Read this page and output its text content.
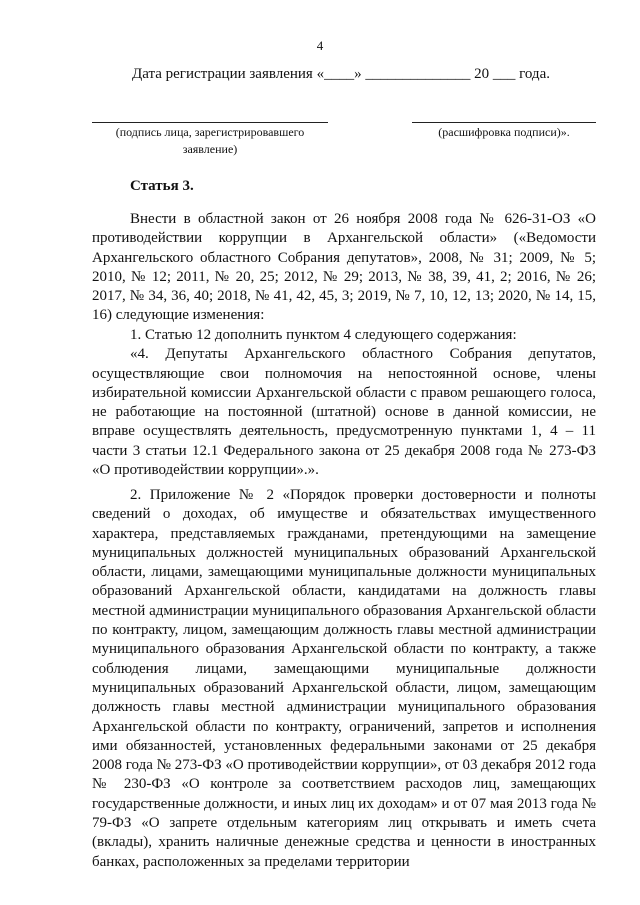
4
Дата регистрации заявления «____» ______________ 20 ___ года.
(подпись лица, зарегистрировавшего заявление)
(расшифровка подписи)».
Статья 3.

Внести в областной закон от 26 ноября 2008 года № 626-31-ОЗ «О противодействии коррупции в Архангельской области» («Ведомости Архангельского областного Собрания депутатов», 2008, № 31; 2009, № 5; 2010, № 12; 2011, № 20, 25; 2012, № 29; 2013, № 38, 39, 41, 2; 2016, № 26; 2017, № 34, 36, 40; 2018, № 41, 42, 45, 3; 2019, № 7, 10, 12, 13; 2020, № 14, 15, 16) следующие изменения:

1. Статью 12 дополнить пунктом 4 следующего содержания:

«4. Депутаты Архангельского областного Собрания депутатов, осуществляющие свои полномочия на непостоянной основе, члены избирательной комиссии Архангельской области с правом решающего голоса, не работающие на постоянной (штатной) основе в данной комиссии, не вправе осуществлять деятельность, предусмотренную пунктами 1, 4 – 11 части 3 статьи 12.1 Федерального закона от 25 декабря 2008 года № 273-ФЗ «О противодействии коррупции».».

2. Приложение № 2 «Порядок проверки достоверности и полноты сведений о доходах, об имуществе и обязательствах имущественного характера, представляемых гражданами, претендующими на замещение муниципальных должностей муниципальных образований Архангельской области, лицами, замещающими муниципальные должности муниципальных образований Архангельской области, кандидатами на должность главы местной администрации муниципального образования Архангельской области по контракту, лицом, замещающим должность главы местной администрации муниципального образования Архангельской области по контракту, а также соблюдения лицами, замещающими муниципальные должности муниципальных образований Архангельской области, лицом, замещающим должность главы местной администрации муниципального образования Архангельской области по контракту, ограничений, запретов и исполнения ими обязанностей, установленных федеральными законами от 25 декабря 2008 года № 273-ФЗ «О противодействии коррупции», от 03 декабря 2012 года № 230-ФЗ «О контроле за соответствием расходов лиц, замещающих государственные должности, и иных лиц их доходам» и от 07 мая 2013 года № 79-ФЗ «О запрете отдельным категориям лиц открывать и иметь счета (вклады), хранить наличные денежные средства и ценности в иностранных банках, расположенных за пределами территории
